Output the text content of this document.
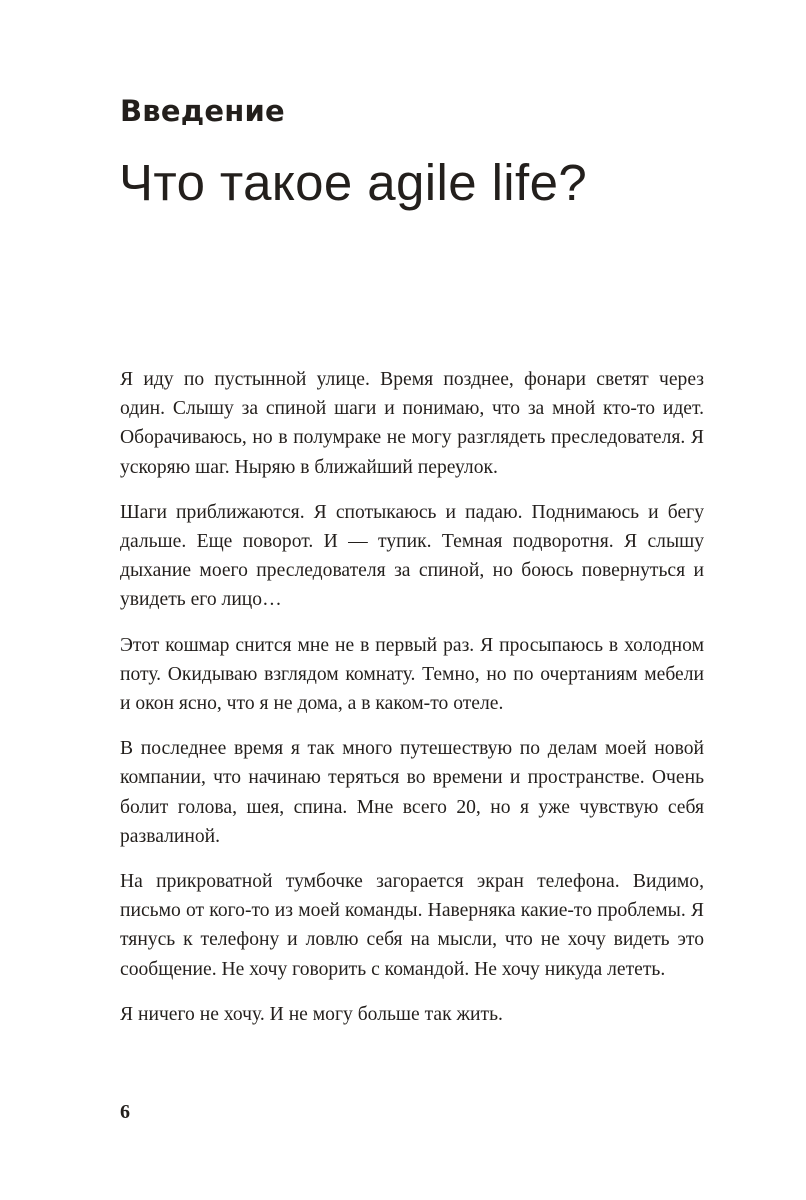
Введение
Что такое agile life?

Я иду по пустынной улице. Время позднее, фонари светят через один. Слышу за спиной шаги и понимаю, что за мной кто-то идет. Оборачиваюсь, но в полумраке не могу разглядеть преследователя. Я ускоряю шаг. Ныряю в ближайший переулок.

Шаги приближаются. Я спотыкаюсь и падаю. Поднимаюсь и бегу дальше. Еще поворот. И — тупик. Темная подворотня. Я слышу дыхание моего преследователя за спиной, но боюсь повернуться и увидеть его лицо…

Этот кошмар снится мне не в первый раз. Я просыпаюсь в холодном поту. Окидываю взглядом комнату. Темно, но по очертаниям мебели и окон ясно, что я не дома, а в каком-то отеле.

В последнее время я так много путешествую по делам моей новой компании, что начинаю теряться во времени и пространстве. Очень болит голова, шея, спина. Мне всего 20, но я уже чувствую себя развалиной.

На прикроватной тумбочке загорается экран телефона. Видимо, письмо от кого-то из моей команды. Наверняка какие-то проблемы. Я тянусь к телефону и ловлю себя на мысли, что не хочу видеть это сообщение. Не хочу говорить с командой. Не хочу никуда лететь.

Я ничего не хочу. И не могу больше так жить.

6
